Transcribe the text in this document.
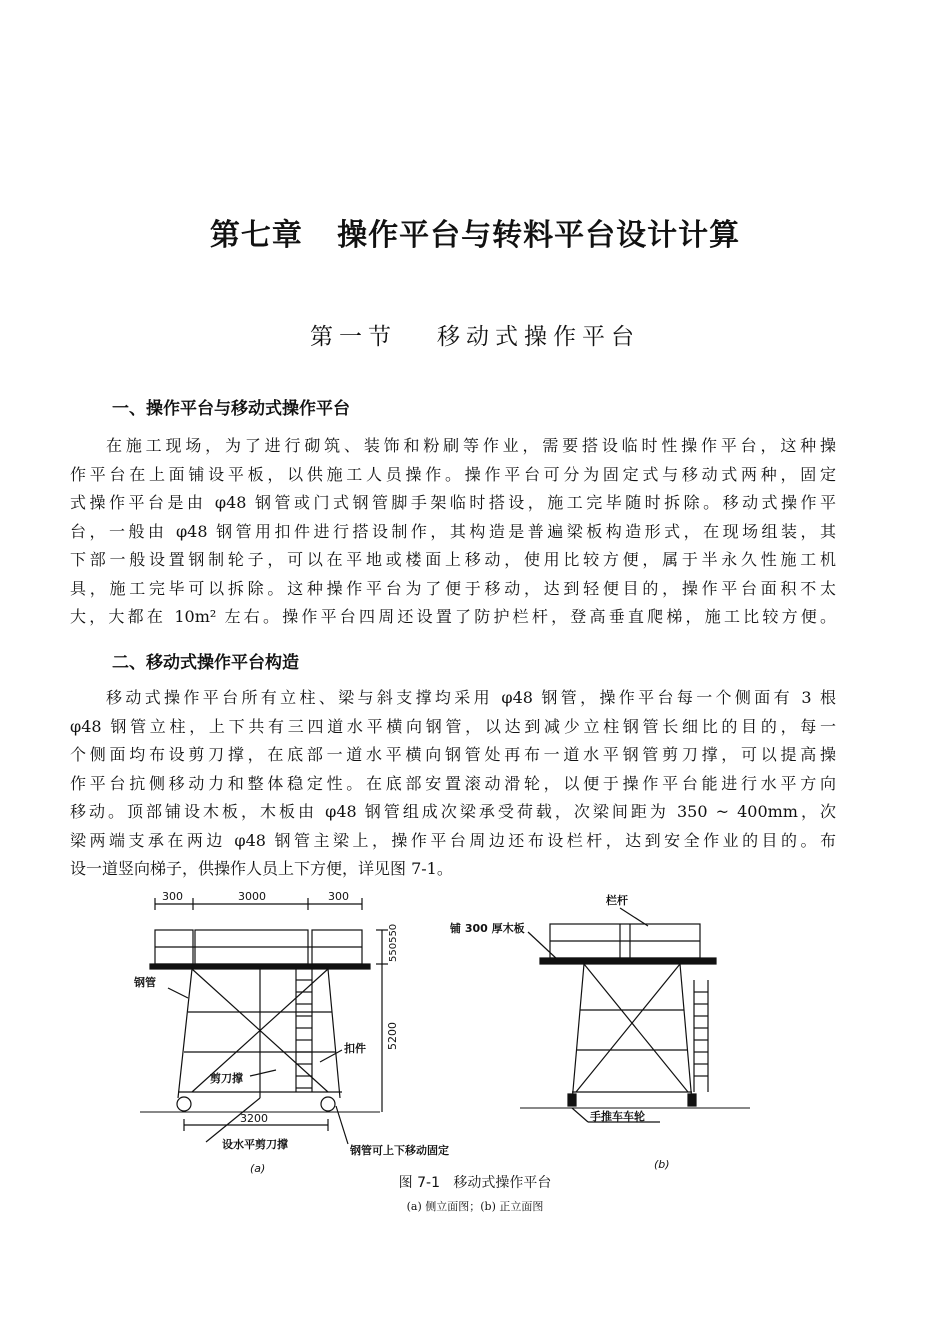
第七章   操作平台与转料平台设计计算
第一节   移动式操作平台
一、操作平台与移动式操作平台
在施工现场，为了进行砌筑、装饰和粉刷等作业，需要搭设临时性操作平台，这种操
作平台在上面铺设平板，以供施工人员操作。操作平台可分为固定式与移动式两种，固定
式操作平台是由 φ48 钢管或门式钢管脚手架临时搭设，施工完毕随时拆除。移动式操作平
台，一般由 φ48 钢管用扣件进行搭设制作，其构造是普遍梁板构造形式，在现场组装，其
下部一般设置钢制轮子，可以在平地或楼面上移动，使用比较方便，属于半永久性施工机
具，施工完毕可以拆除。这种操作平台为了便于移动，达到轻便目的，操作平台面积不太
大，大都在 10m² 左右。操作平台四周还设置了防护栏杆，登高垂直爬梯，施工比较方便。
二、移动式操作平台构造
移动式操作平台所有立柱、梁与斜支撑均采用 φ48 钢管，操作平台每一个侧面有 3 根
φ48 钢管立柱，上下共有三四道水平横向钢管，以达到减少立柱钢管长细比的目的，每一
个侧面均布设剪刀撑，在底部一道水平横向钢管处再布一道水平钢管剪刀撑，可以提高操
作平台抗侧移动力和整体稳定性。在底部安置滚动滑轮，以便于操作平台能进行水平方向
移动。顶部铺设木板，木板由 φ48 钢管组成次梁承受荷载，次梁间距为 350 ~ 400mm，次
梁两端支承在两边 φ48 钢管主梁上，操作平台周边还布设栏杆，达到安全作业的目的。布
设一道竖向梯子，供操作人员上下方便，详见图 7-1。
300	3000	300
3200
550550
5200
钢管
扣件
剪刀撑
设水平剪刀撑	钢管可上下移动固定
(a)
栏杆
铺 300 厚木板
手推车车轮
(b)
图 7-1   移动式操作平台
(a) 侧立面图；(b) 正立面图
